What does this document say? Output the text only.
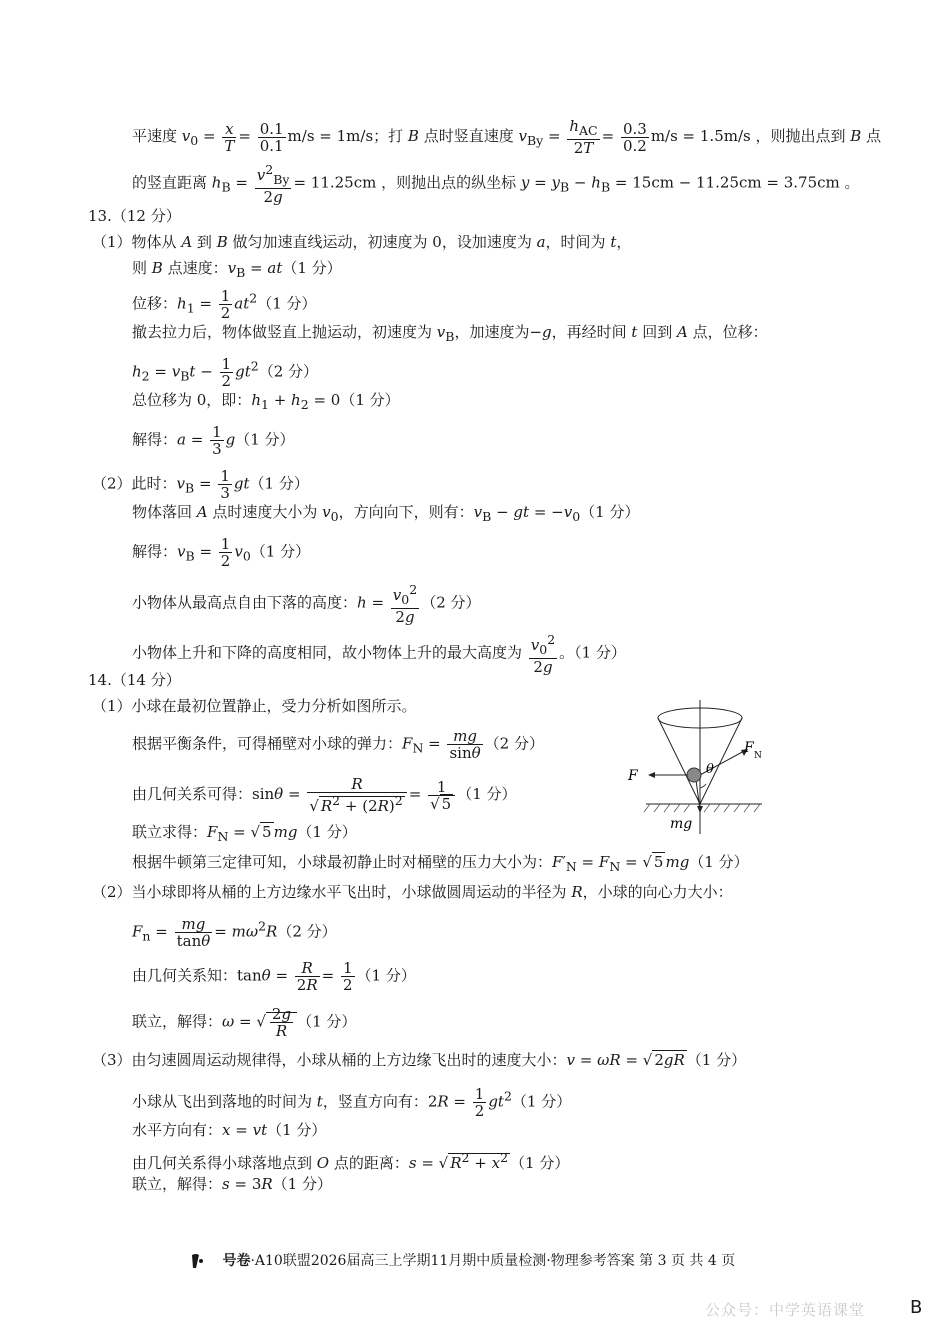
平速度 $v_0 = \frac{x}{T} = \frac{0.1}{0.1} m/s = 1m/s$；打 B 点时竖直速度 $v_{By} = \frac{h_{AC}}{2T} = \frac{0.3}{0.2} m/s = 1.5m/s$ ，则抛出点到 B 点
的竖直距离 $h_B = \frac{v^2_{By}}{2g} = 11.25cm$ ，则抛出点的纵坐标 $y = y_B - h_B = 15cm - 11.25cm = 3.75cm$ 。
13.（12 分）
（1）物体从 A 到 B 做匀加速直线运动，初速度为 0，设加速度为 a，时间为 t，
则 B 点速度：$v_B = at(1$ 分）
位移：$h_1 = \frac{1}{2} at^2(1$ 分）
撤去拉力后，物体做竖直上抛运动，初速度为 $v_B$，加速度为−g，再经时间 t 回到 A 点，位移：
$h_2 = v_Bt - \frac{1}{2} gt^2(2$ 分）
总位移为 0，即：$h_1 + h_2 = 0(1$ 分）
解得：$a = \frac{1}{3} g(1$ 分）
（2）此时：$v_B = \frac{1}{3} gt(1$ 分）
物体落回 A 点时速度大小为 $v_0$，方向向下，则有：$v_B$ − gt = $-v_0(1$ 分）
解得：$v_B = \frac{1}{2} v_0(1$ 分）
小物体从最高点自由下落的高度：$h = \frac{v_0^2}{2g} (2$ 分）
小物体上升和下降的高度相同，故小物体上升的最大高度为 $\frac{v_0^2}{2g}$ 。（1 分）
14.（14 分）
（1）小球在最初位置静止，受力分析如图所示。
根据平衡条件，可得桶壁对小球的弹力：$F_N = \frac{mg}{\sin\theta} (2$ 分）
由几何关系可得：$\sin\theta = \frac{R}{√ R^2 + (2R)^2} = \frac{1}{√ 5} (1$ 分）
联立求得：$F_N$ = √ 5 mg（1 分）
根据牛顿第三定律可知，小球最初静止时对桶壁的压力大小为：$F'_N = F_N$ = √ 5 mg（1 分）
（2）当小球即将从桶的上方边缘水平飞出时，小球做圆周运动的半径为 R，小球的向心力大小：
$F_n = \frac{mg}{\tan\theta} = m\omega^2R(2$ 分）
由几何关系知：$\tan\theta = \frac{R}{2R} = \frac{1}{2} (1$ 分）
联立，解得：ω = √ $\frac{2g}{R} (1$ 分）
（3）由匀速圆周运动规律得，小球从桶的上方边缘飞出时的速度大小：v = ωR = √ 2gR （1 分）
小球从飞出到落地的时间为 t，竖直方向有：$2R = \frac{1}{2} gt^2(1$ 分）
水平方向有：x = vt（1 分）
由几何关系得小球落地点到 O 点的距离：s = √ $R^2 + x^2$ （1 分）
联立，解得：s = 3R（1 分）
F
F N
θ
mg
号卷·A10联盟2026届高三上学期11月期中质量检测·物理参考答案 第 3 页 共 4 页
公众号：中学英语课堂 B
